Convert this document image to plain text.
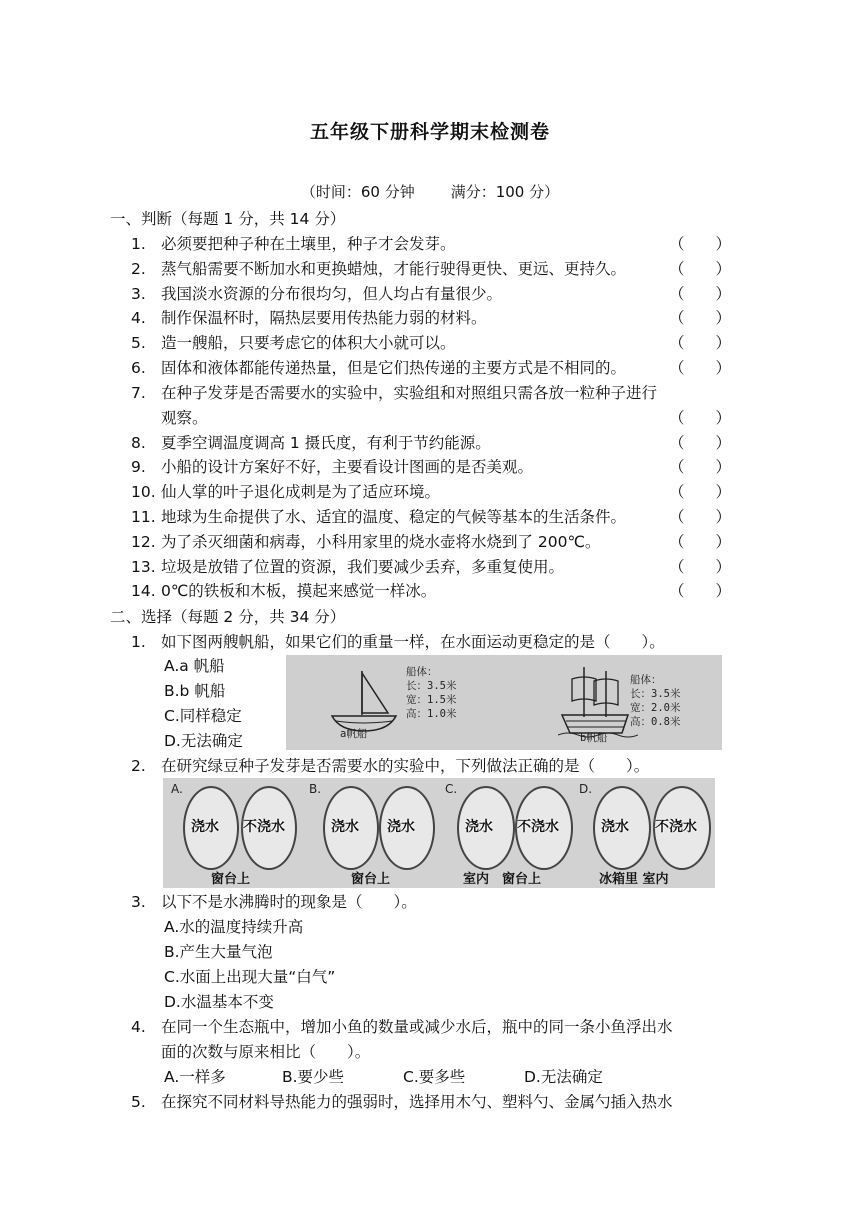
五年级下册科学期末检测卷
（时间：60 分钟 满分：100 分）
一、判断（每题 1 分，共 14 分）
1. 必须要把种子种在土壤里，种子才会发芽。	（　　）
2. 蒸气船需要不断加水和更换蜡烛，才能行驶得更快、更远、更持久。	（　　）
3. 我国淡水资源的分布很均匀，但人均占有量很少。	（　　）
4. 制作保温杯时，隔热层要用传热能力弱的材料。	（　　）
5. 造一艘船，只要考虑它的体积大小就可以。	（　　）
6. 固体和液体都能传递热量，但是它们热传递的主要方式是不相同的。	（　　）
7. 在种子发芽是否需要水的实验中，实验组和对照组只需各放一粒种子进行
观察。	（　　）
8. 夏季空调温度调高 1 摄氏度，有利于节约能源。	（　　）
9. 小船的设计方案好不好，主要看设计图画的是否美观。	（　　）
10. 仙人掌的叶子退化成刺是为了适应环境。	（　　）
11. 地球为生命提供了水、适宜的温度、稳定的气候等基本的生活条件。	（　　）
12. 为了杀灭细菌和病毒，小科用家里的烧水壶将水烧到了 200℃。	（　　）
13. 垃圾是放错了位置的资源，我们要减少丢弃，多重复使用。	（　　）
14. 0℃的铁板和木板，摸起来感觉一样冰。	（　　）
二、选择（每题 2 分，共 34 分）
1. 如下图两艘帆船，如果它们的重量一样，在水面运动更稳定的是（　　）。
A.a 帆船
B.b 帆船
C.同样稳定
D.无法确定	a帆船
船体：
长：3.5米
宽：1.5米
高：1.0米
b帆船
船体：
长：3.5米
宽：2.0米
高：0.8米
2. 在研究绿豆种子发芽是否需要水的实验中，下列做法正确的是（　　）。
A.
浇水 不浇水
窗台上
B.
浇水 浇水
窗台上
C.
浇水 不浇水
室内　窗台上
D.
浇水 不浇水
冰箱里 室内
3. 以下不是水沸腾时的现象是（　　）。
A.水的温度持续升高
B.产生大量气泡
C.水面上出现大量“白气”
D.水温基本不变
4. 在同一个生态瓶中，增加小鱼的数量或减少水后，瓶中的同一条小鱼浮出水
面的次数与原来相比（　　）。
A.一样多	B.要少些	C.要多些	D.无法确定
5. 在探究不同材料导热能力的强弱时，选择用木勺、塑料勺、金属勺插入热水
